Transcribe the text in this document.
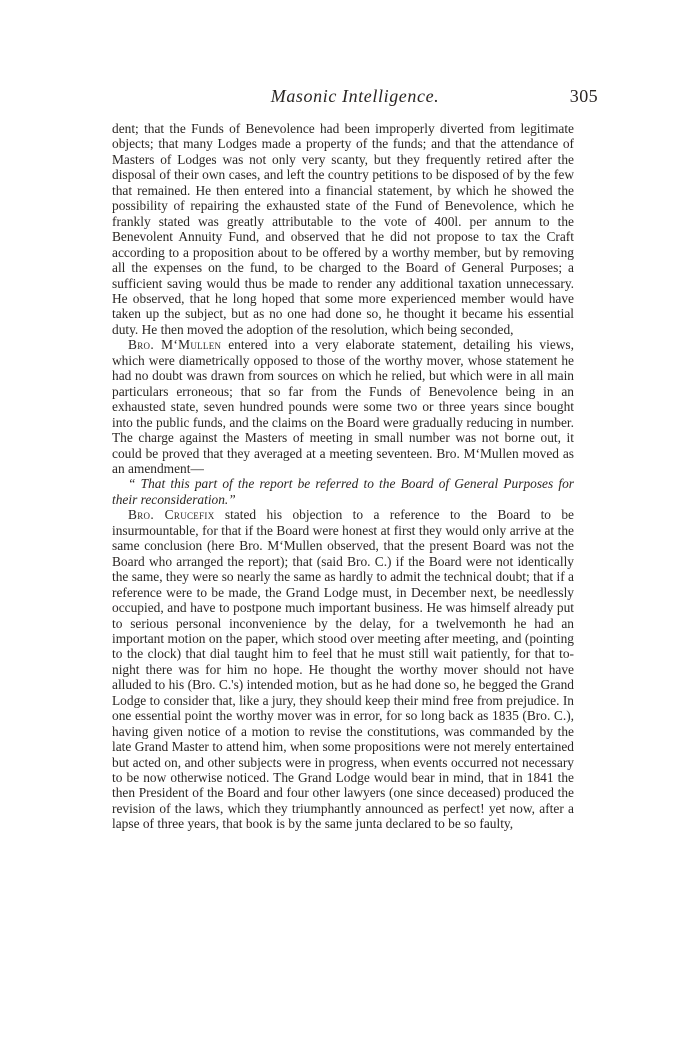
Masonic Intelligence.	305

dent; that the Funds of Benevolence had been improperly diverted from legitimate objects; that many Lodges made a property of the funds; and that the attendance of Masters of Lodges was not only very scanty, but they frequently retired after the disposal of their own cases, and left the country petitions to be disposed of by the few that remained. He then entered into a financial statement, by which he showed the possibility of repairing the exhausted state of the Fund of Benevolence, which he frankly stated was greatly attributable to the vote of 400l. per annum to the Benevolent Annuity Fund, and observed that he did not propose to tax the Craft according to a proposition about to be offered by a worthy member, but by removing all the expenses on the fund, to be charged to the Board of General Purposes; a sufficient saving would thus be made to render any additional taxation unnecessary. He observed, that he long hoped that some more experienced member would have taken up the subject, but as no one had done so, he thought it became his essential duty. He then moved the adoption of the resolution, which being seconded,

Bro. M‘Mullen entered into a very elaborate statement, detailing his views, which were diametrically opposed to those of the worthy mover, whose statement he had no doubt was drawn from sources on which he relied, but which were in all main particulars erroneous; that so far from the Funds of Benevolence being in an exhausted state, seven hundred pounds were some two or three years since bought into the public funds, and the claims on the Board were gradually reducing in number. The charge against the Masters of meeting in small number was not borne out, it could be proved that they averaged at a meeting seventeen. Bro. M‘Mullen moved as an amendment—

“ That this part of the report be referred to the Board of General Purposes for their reconsideration.”

Bro. Crucefix stated his objection to a reference to the Board to be insurmountable, for that if the Board were honest at first they would only arrive at the same conclusion (here Bro. M‘Mullen observed, that the present Board was not the Board who arranged the report); that (said Bro. C.) if the Board were not identically the same, they were so nearly the same as hardly to admit the technical doubt; that if a reference were to be made, the Grand Lodge must, in December next, be needlessly occupied, and have to postpone much important business. He was himself already put to serious personal inconvenience by the delay, for a twelvemonth he had an important motion on the paper, which stood over meeting after meeting, and (pointing to the clock) that dial taught him to feel that he must still wait patiently, for that to-night there was for him no hope. He thought the worthy mover should not have alluded to his (Bro. C.'s) intended motion, but as he had done so, he begged the Grand Lodge to consider that, like a jury, they should keep their mind free from prejudice. In one essential point the worthy mover was in error, for so long back as 1835 (Bro. C.), having given notice of a motion to revise the constitutions, was commanded by the late Grand Master to attend him, when some propositions were not merely entertained but acted on, and other subjects were in progress, when events occurred not necessary to be now otherwise noticed. The Grand Lodge would bear in mind, that in 1841 the then President of the Board and four other lawyers (one since deceased) produced the revision of the laws, which they triumphantly announced as perfect! yet now, after a lapse of three years, that book is by the same junta declared to be so faulty,
